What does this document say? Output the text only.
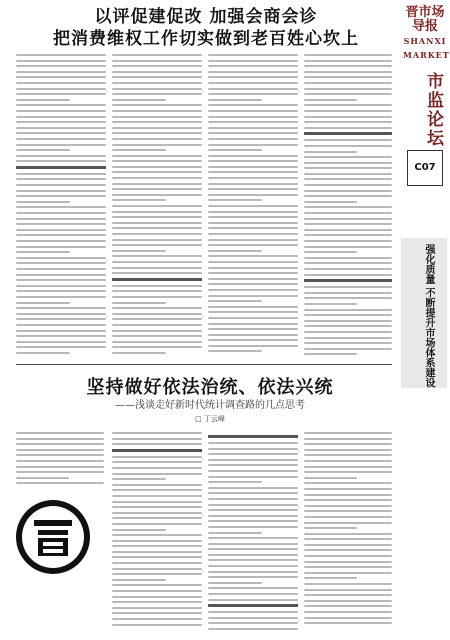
以评促建促改 加强会商会诊
把消费维权工作切实做到老百姓心坎上
坚持做好依法治统、依法兴统
——浅谈走好新时代统计调查路的几点思考
□ 丁云峰
晋市场导报
SHANXI MARKET
市监论坛
C07
强化质量 不断提升市场体系建设
